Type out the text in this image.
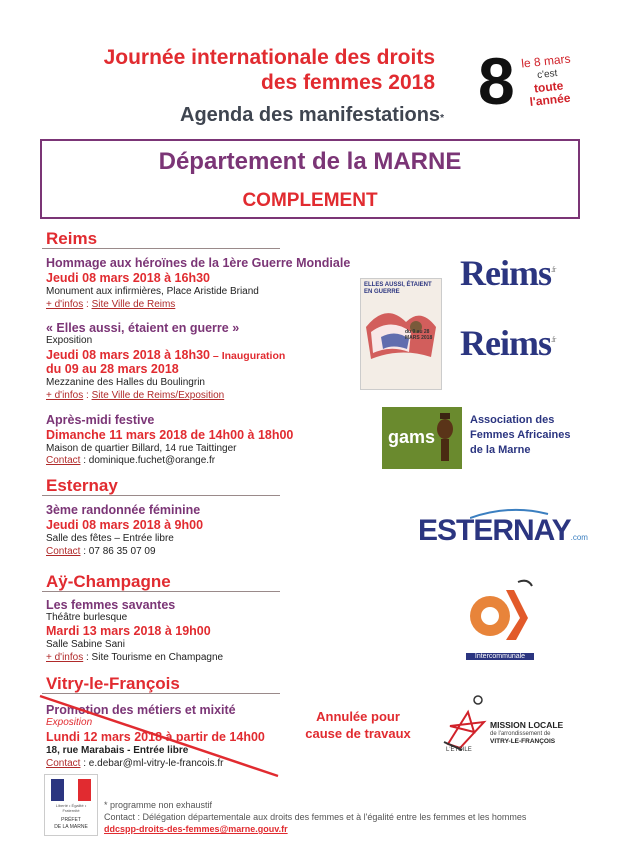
Journée internationale des droits
des femmes 2018
Agenda des manifestations*
8 le 8 mars
c'est
toute
l'année
Département de la MARNE
COMPLEMENT
Reims
Hommage aux héroïnes de la 1ère Guerre Mondiale
Jeudi 08 mars 2018 à 16h30
Monument aux infirmières, Place Aristide Briand
+ d'infos : Site Ville de Reims
« Elles aussi, étaient en guerre »
Exposition
Jeudi 08 mars 2018 à 18h30 – Inauguration
du 09 au 28 mars 2018
Mezzanine des Halles du Boulingrin
+ d'infos : Site Ville de Reims/Exposition
Après-midi festive
Dimanche 11 mars 2018 de 14h00 à 18h00
Maison de quartier Billard, 14 rue Taittinger
Contact : dominique.fuchet@orange.fr
Reims$^{.fr}$
Reims$^{.fr}$
ELLES AUSSI, ÉTAIENT EN GUERRE
du 9 au 28 MARS 2018
gams
Association des Femmes Africaines de la Marne
Esternay
3ème randonnée féminine
Jeudi 08 mars 2018 à 9h00
Salle des fêtes – Entrée libre
Contact : 07 86 35 07 09
ESTERNAY.com
Aÿ-Champagne
Les femmes savantes
Théâtre burlesque
Mardi 13 mars 2018 à 19h00
Salle Sabine Sani
+ d'infos : Site Tourisme en Champagne	Intercommunale
Vitry-le-François
Promotion des métiers et mixité
Exposition
Lundi 12 mars 2018 à partir de 14h00
18, rue Marabais - Entrée libre
Contact : e.debar@ml-vitry-le-francois.fr
Annulée pour cause de travaux
L'ÉTOILE
MISSION LOCALE
de l'arrondissement de
VITRY-LE-FRANÇOIS
Liberté • Égalité • Fraternité
PRÉFET
DE LA MARNE
* programme non exhaustif
Contact : Délégation départementale aux droits des femmes et à l'égalité entre les femmes et les hommes
ddcspp-droits-des-femmes@marne.gouv.fr
